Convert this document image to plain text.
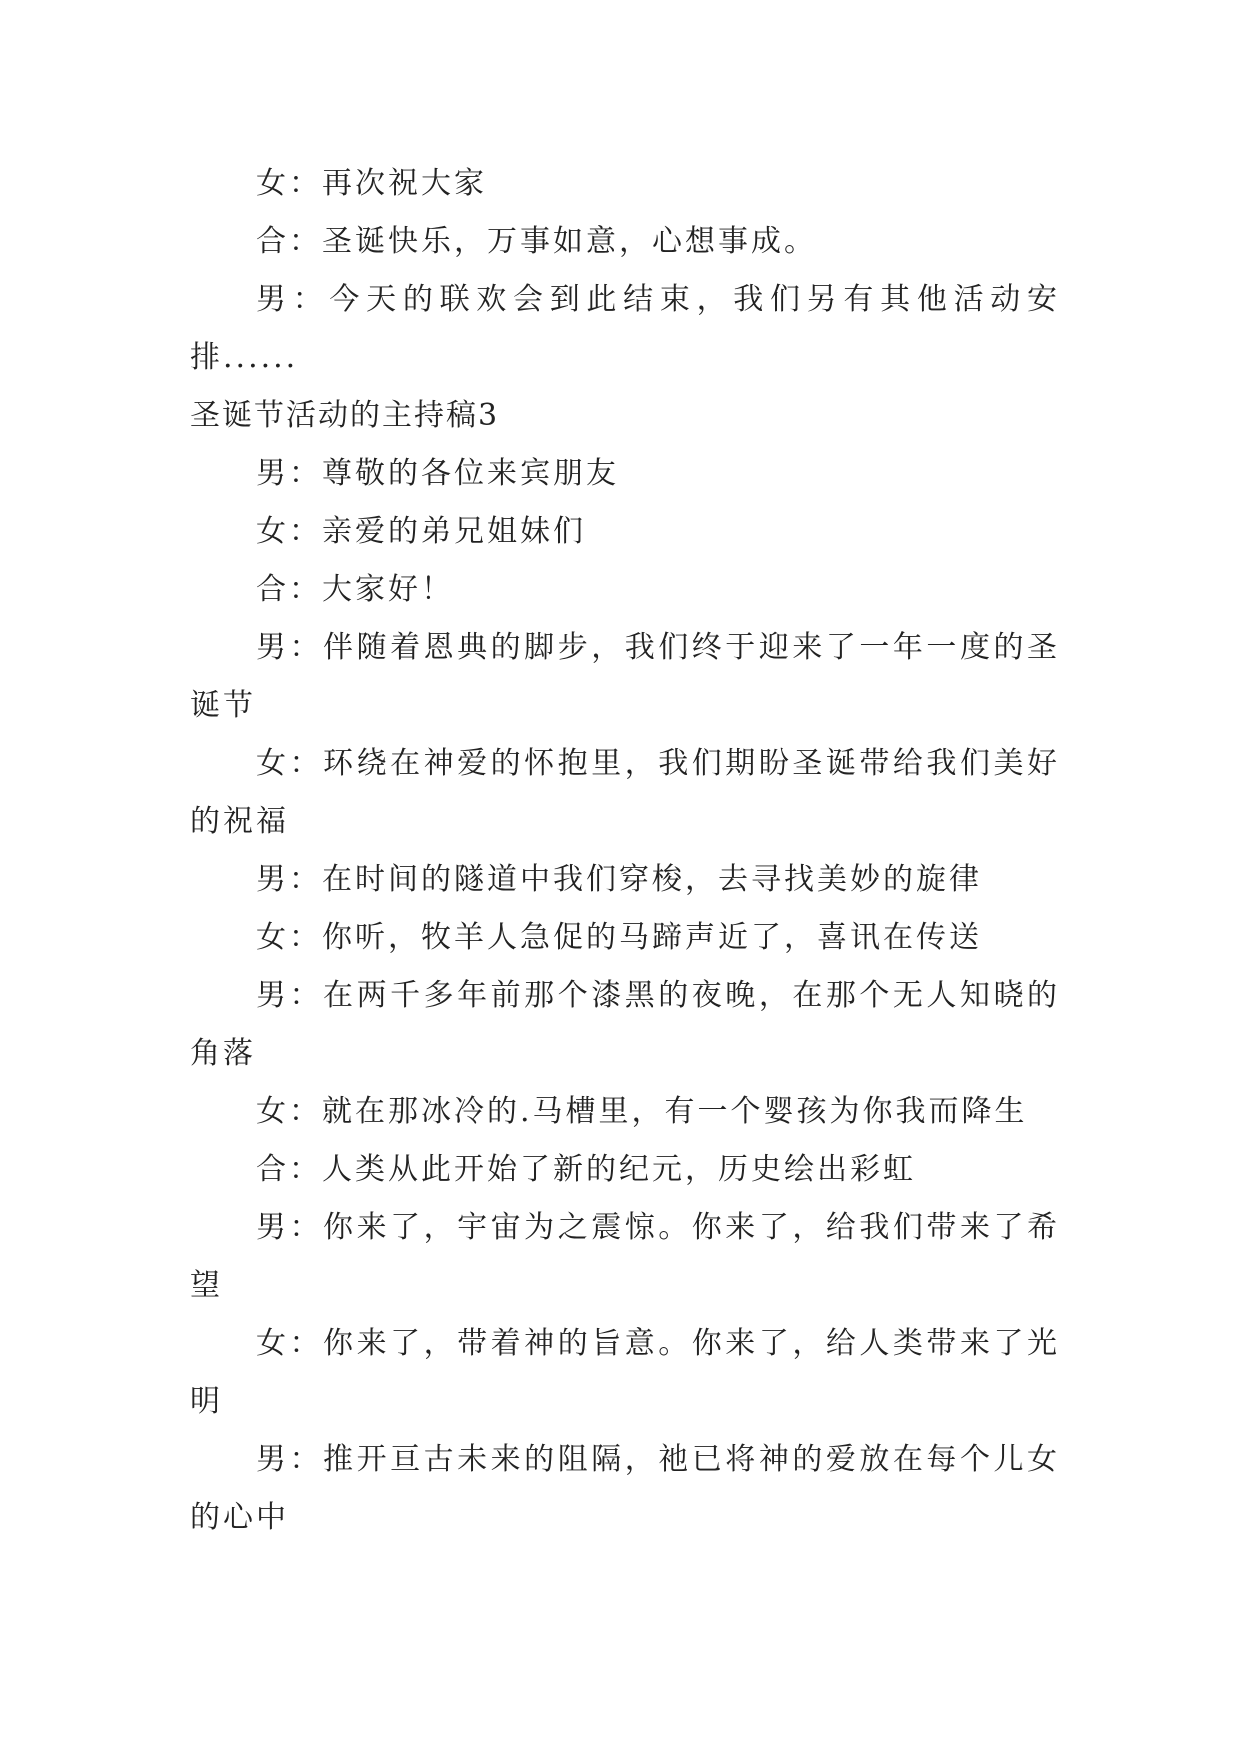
女：再次祝大家

合：圣诞快乐，万事如意，心想事成。

男：今天的联欢会到此结束，我们另有其他活动安排......

圣诞节活动的主持稿3

男：尊敬的各位来宾朋友

女：亲爱的弟兄姐妹们

合：大家好！

男：伴随着恩典的脚步，我们终于迎来了一年一度的圣诞节

女：环绕在神爱的怀抱里，我们期盼圣诞带给我们美好的祝福

男：在时间的隧道中我们穿梭，去寻找美妙的旋律

女：你听，牧羊人急促的马蹄声近了，喜讯在传送

男：在两千多年前那个漆黑的夜晚，在那个无人知晓的角落

女：就在那冰冷的.马槽里，有一个婴孩为你我而降生

合：人类从此开始了新的纪元，历史绘出彩虹

男：你来了，宇宙为之震惊。你来了，给我们带来了希望

女：你来了，带着神的旨意。你来了，给人类带来了光明

男：推开亘古未来的阻隔，祂已将神的爱放在每个儿女的心中
